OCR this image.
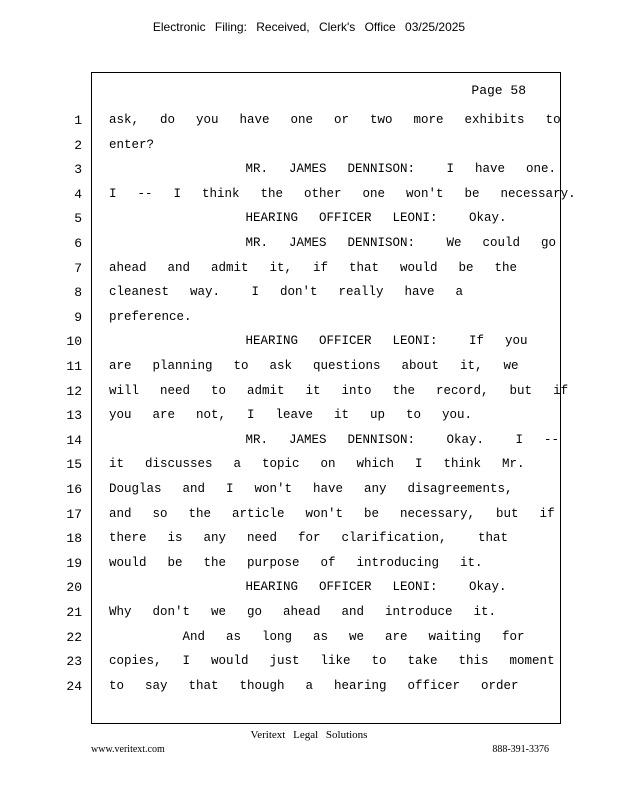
Electronic Filing: Received, Clerk's Office 03/25/2025
Page 58
1 ask,  do  you  have  one  or  two  more  exhibits  to
2 enter?
3 MR.  JAMES  DENNISON:   I  have  one.
4 I  --  I  think  the  other  one  won't  be  necessary.
5 HEARING  OFFICER  LEONI:   Okay.
6 MR.  JAMES  DENNISON:   We  could  go
7 ahead  and  admit  it,  if  that  would  be  the
8 cleanest  way.   I  don't  really  have  a
9 preference.
10 HEARING  OFFICER  LEONI:   If  you
11 are  planning  to  ask  questions  about  it,  we
12 will  need  to  admit  it  into  the  record,  but  if
13 you  are  not,  I  leave  it  up  to  you.
14 MR.  JAMES  DENNISON:   Okay.   I  --
15 it  discusses  a  topic  on  which  I  think  Mr.
16 Douglas  and  I  won't  have  any  disagreements,
17 and  so  the  article  won't  be  necessary,  but  if
18 there  is  any  need  for  clarification,   that
19 would  be  the  purpose  of  introducing  it.
20 HEARING  OFFICER  LEONI:   Okay.
21 Why  don't  we  go  ahead  and  introduce  it.
22 And  as  long  as  we  are  waiting  for
23 copies,  I  would  just  like  to  take  this  moment
24 to  say  that  though  a  hearing  officer  order
Veritext Legal Solutions
www.veritext.com	888-391-3376
